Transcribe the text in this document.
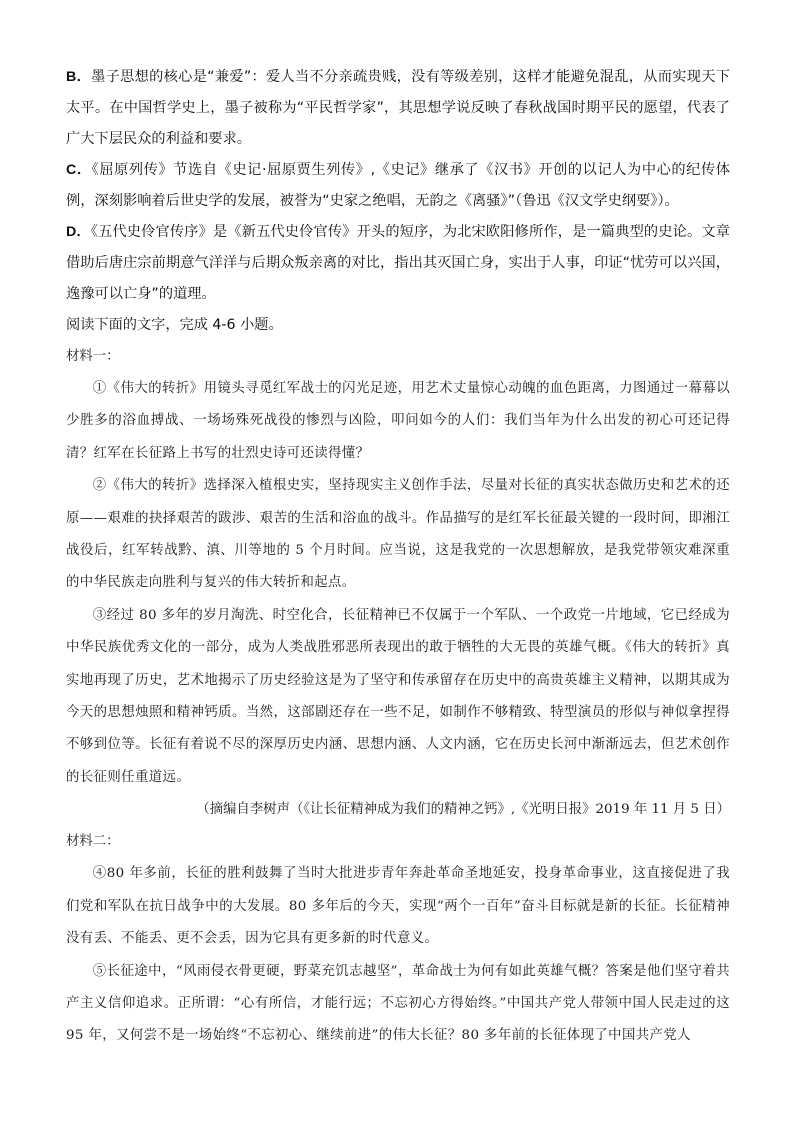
B．墨子思想的核心是“兼爱”：爱人当不分亲疏贵贱，没有等级差别，这样才能避免混乱，从而实现天下太平。在中国哲学史上，墨子被称为“平民哲学家”，其思想学说反映了春秋战国时期平民的愿望，代表了广大下层民众的利益和要求。

C．《屈原列传》节选自《史记·屈原贾生列传》,《史记》继承了《汉书》开创的以记人为中心的纪传体例，深刻影响着后世史学的发展，被誉为“史家之绝唱，无韵之《离骚》”（鲁迅《汉文学史纲要》）。

D．《五代史伶官传序》是《新五代史伶官传》开头的短序，为北宋欧阳修所作，是一篇典型的史论。文章借助后唐庄宗前期意气洋洋与后期众叛亲离的对比，指出其灭国亡身，实出于人事，印证“忧劳可以兴国，逸豫可以亡身”的道理。

阅读下面的文字，完成 4-6 小题。

材料一：

①《伟大的转折》用镜头寻觅红军战士的闪光足迹，用艺术丈量惊心动魄的血色距离，力图通过一幕幕以少胜多的浴血搏战、一场场殊死战役的惨烈与凶险，叩问如今的人们：我们当年为什么出发的初心可还记得清？红军在长征路上书写的壮烈史诗可还读得懂？

②《伟大的转折》选择深入植根史实，坚持现实主义创作手法，尽量对长征的真实状态做历史和艺术的还原——艰难的抉择艰苦的跋涉、艰苦的生活和浴血的战斗。作品描写的是红军长征最关键的一段时间，即湘江战役后，红军转战黔、滇、川等地的 5 个月时间。应当说，这是我党的一次思想解放，是我党带领灾难深重的中华民族走向胜利与复兴的伟大转折和起点。

③经过 80 多年的岁月淘洗、时空化合，长征精神已不仅属于一个军队、一个政党一片地域，它已经成为中华民族优秀文化的一部分，成为人类战胜邪恶所表现出的敢于牺牲的大无畏的英雄气概。《伟大的转折》真实地再现了历史，艺术地揭示了历史经验这是为了坚守和传承留存在历史中的高贵英雄主义精神，以期其成为今天的思想烛照和精神钙质。当然，这部剧还存在一些不足，如制作不够精致、特型演员的形似与神似拿捏得不够到位等。长征有着说不尽的深厚历史内涵、思想内涵、人文内涵，它在历史长河中渐渐远去，但艺术创作的长征则任重道远。

（摘编自李树声（《让长征精神成为我们的精神之钙》,《光明日报》2019 年 11 月 5 日）

材料二：

④80 年多前，长征的胜利鼓舞了当时大批进步青年奔赴革命圣地延安，投身革命事业，这直接促进了我们党和军队在抗日战争中的大发展。80 多年后的今天，实现“两个一百年”奋斗目标就是新的长征。长征精神没有丢、不能丢、更不会丢，因为它具有更多新的时代意义。

⑤长征途中，“风雨侵衣骨更硬，野菜充饥志越坚”，革命战士为何有如此英雄气概？答案是他们坚守着共产主义信仰追求。正所谓：“心有所信，才能行远；不忘初心方得始终。”中国共产党人带领中国人民走过的这 95 年，又何尝不是一场始终“不忘初心、继续前进”的伟大长征？80 多年前的长征体现了中国共产党人
